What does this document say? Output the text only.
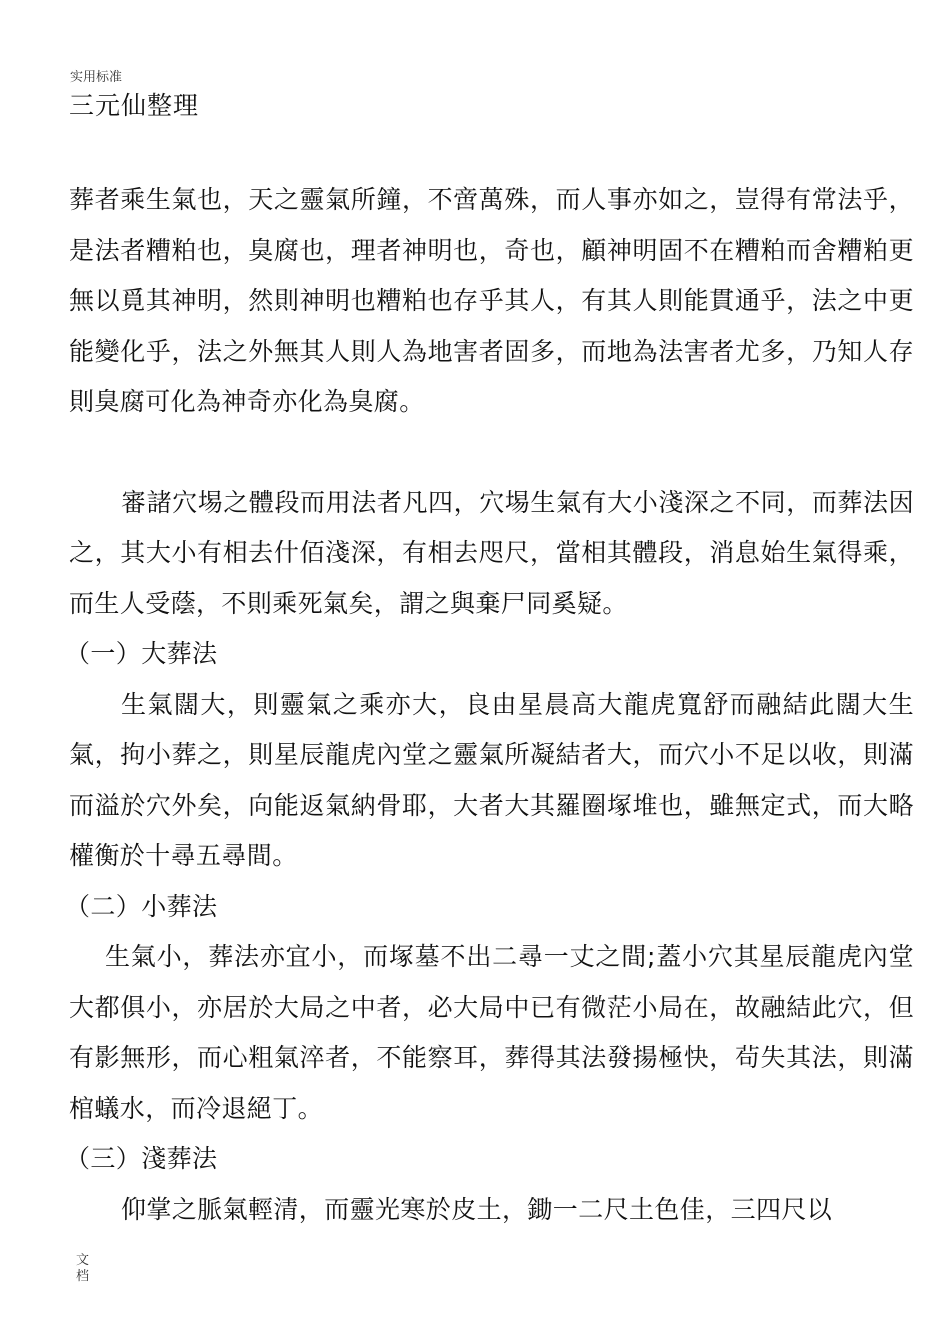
实用标准
三元仙整理

葬者乘生氣也，天之靈氣所鐘，不啻萬殊，而人事亦如之，豈得有常法乎，是法者糟粕也，臭腐也，理者神明也，奇也，顧神明固不在糟粕而舍糟粕更無以覓其神明，然則神明也糟粕也存乎其人，有其人則能貫通乎，法之中更能變化乎，法之外無其人則人為地害者固多，而地為法害者尤多，乃知人存則臭腐可化為神奇亦化為臭腐。

審諸穴埸之體段而用法者凡四，穴埸生氣有大小淺深之不同，而葬法因之，其大小有相去什佰淺深，有相去咫尺，當相其體段，消息始生氣得乘，而生人受蔭，不則乘死氣矣，謂之與棄尸同奚疑。

（一）大葬法

生氣闊大，則靈氣之乘亦大，良由星晨高大龍虎寬舒而融結此闊大生氣，拘小葬之，則星辰龍虎內堂之靈氣所凝結者大，而穴小不足以收，則滿而溢於穴外矣，向能返氣納骨耶，大者大其羅圈塚堆也，雖無定式，而大略權衡於十尋五尋間。

（二）小葬法

生氣小，葬法亦宜小，而塚墓不出二尋一丈之間;蓋小穴其星辰龍虎內堂大都俱小，亦居於大局之中者，必大局中已有微茫小局在，故融結此穴，但有影無形，而心粗氣淬者，不能察耳，葬得其法發揚極快，茍失其法，則滿棺蟻水，而冷退絕丁。

（三）淺葬法

仰掌之脈氣輕清，而靈光寒於皮土，鋤一二尺土色佳，三四尺以

文档
